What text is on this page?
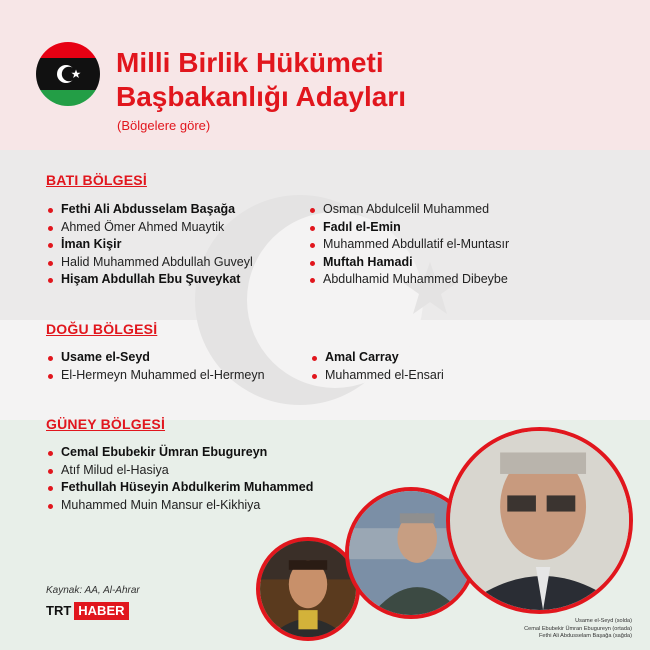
Milli Birlik Hükümeti
Başbakanlığı Adayları
(Bölgelere göre)
BATI BÖLGESİ
Fethi Ali Abdusselam Başağa
Ahmed Ömer Ahmed Muaytik
İman Kişir
Halid Muhammed Abdullah Guveyl
Hişam Abdullah Ebu Şuveykat
Osman Abdulcelil Muhammed
Fadıl el-Emin
Muhammed Abdullatif el-Muntasır
Muftah Hamadi
Abdulhamid Muhammed Dibeybe
DOĞU BÖLGESİ
Usame el-Seyd
El-Hermeyn Muhammed el-Hermeyn
Amal Carray
Muhammed el-Ensari
GÜNEY BÖLGESİ
Cemal Ebubekir Ümran Ebugureyn
Atıf Milud el-Hasiya
Fethullah Hüseyin Abdulkerim Muhammed
Muhammed Muin Mansur el-Kikhiya
Kaynak: AA, Al-Ahrar
TRT HABER
Usame el-Seyd (solda)
Cemal Ebubekir Ümran Ebugureyn (ortada)
Fethi Ali Abdusselam Başağa (sağda)
